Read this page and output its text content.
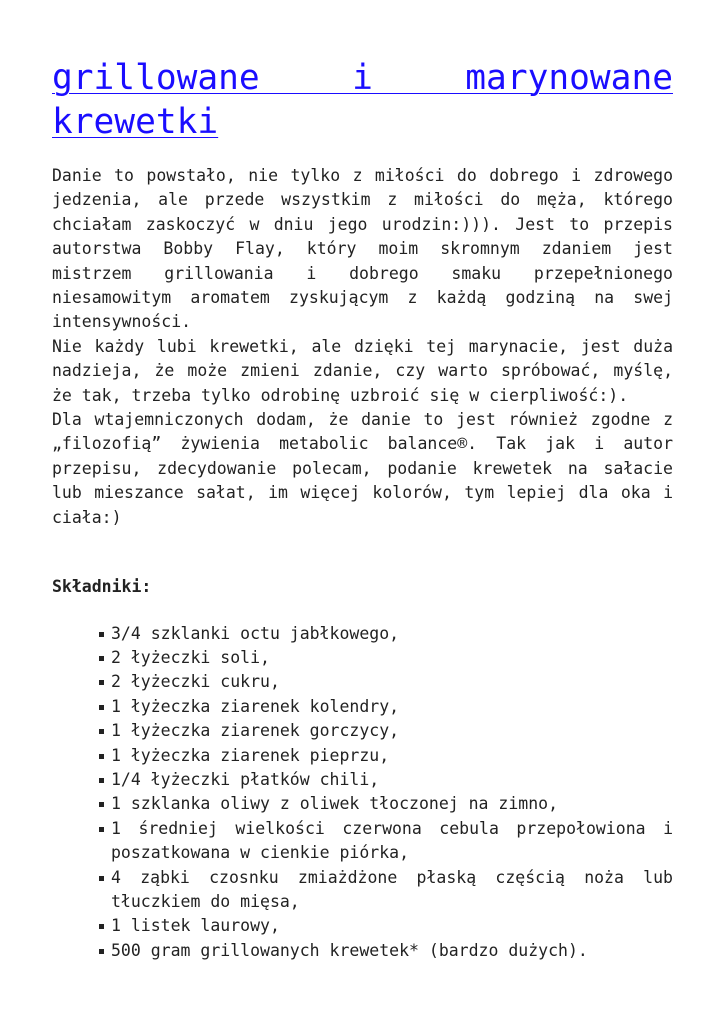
grillowane i marynowane krewetki

Danie to powstało, nie tylko z miłości do dobrego i zdrowego jedzenia, ale przede wszystkim z miłości do męża, którego chciałam zaskoczyć w dniu jego urodzin:))). Jest to przepis autorstwa Bobby Flay, który moim skromnym zdaniem jest mistrzem grillowania i dobrego smaku przepełnionego niesamowitym aromatem zyskującym z każdą godziną na swej intensywności.

Nie każdy lubi krewetki, ale dzięki tej marynacie, jest duża nadzieja, że może zmieni zdanie, czy warto spróbować, myślę, że tak, trzeba tylko odrobinę uzbroić się w cierpliwość:).

Dla wtajemniczonych dodam, że danie to jest również zgodne z „filozofią” żywienia metabolic balance®. Tak jak i autor przepisu, zdecydowanie polecam, podanie krewetek na sałacie lub mieszance sałat, im więcej kolorów, tym lepiej dla oka i ciała:)

Składniki:
3/4 szklanki octu jabłkowego,
2 łyżeczki soli,
2 łyżeczki cukru,
1 łyżeczka ziarenek kolendry,
1 łyżeczka ziarenek gorczycy,
1 łyżeczka ziarenek pieprzu,
1/4 łyżeczki płatków chili,
1 szklanka oliwy z oliwek tłoczonej na zimno,
1 średniej wielkości czerwona cebula przepołowiona i poszatkowana w cienkie piórka,
4 ząbki czosnku zmiażdżone płaską częścią noża lub tłuczkiem do mięsa,
1 listek laurowy,
500 gram grillowanych krewetek* (bardzo dużych).
